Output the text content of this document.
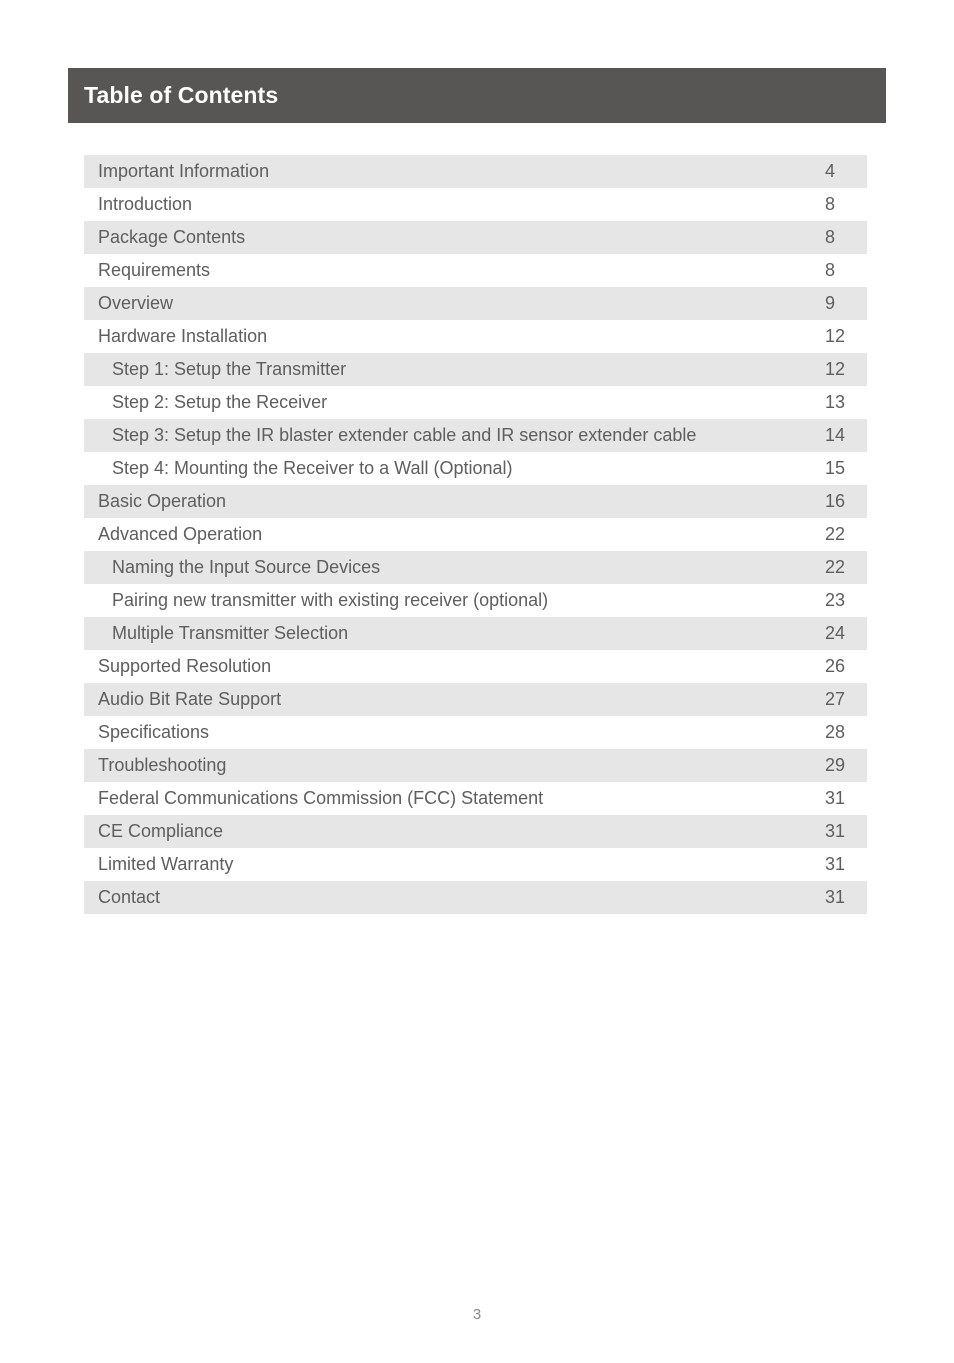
Table of Contents
Important Information	4
Introduction	8
Package Contents	8
Requirements	8
Overview	9
Hardware Installation	12
Step 1: Setup the Transmitter	12
Step 2: Setup the Receiver	13
Step 3: Setup the IR blaster extender cable and IR sensor extender cable	14
Step 4: Mounting the Receiver to a Wall (Optional)	15
Basic Operation	16
Advanced Operation	22
Naming the Input Source Devices	22
Pairing new transmitter with existing receiver (optional)	23
Multiple Transmitter Selection	24
Supported Resolution	26
Audio Bit Rate Support	27
Specifications	28
Troubleshooting	29
Federal Communications Commission (FCC) Statement	31
CE Compliance	31
Limited Warranty	31
Contact	31
3
